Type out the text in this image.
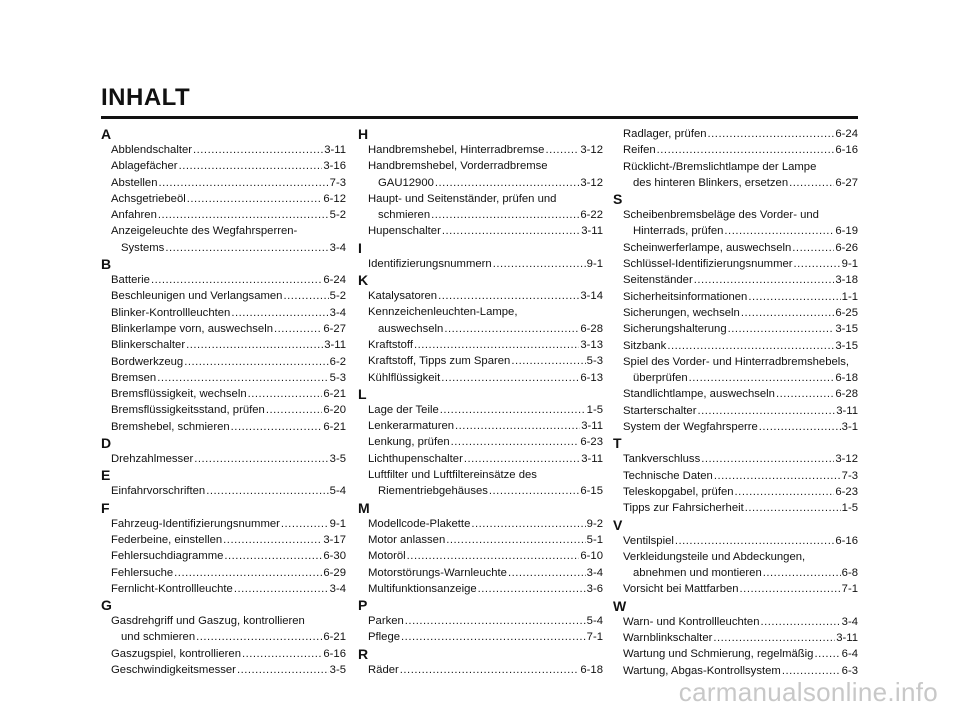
INHALT
A
Abblendschalter .....	3-11
Ablagefächer .....	3-16
Abstellen .....	7-3
Achsgetriebeöl .....	6-12
Anfahren .....	5-2
Anzeigeleuchte des Wegfahrsperren-
Systems .....	3-4
B
Batterie .....	6-24
Beschleunigen und Verlangsamen .....	5-2
Blinker-Kontrollleuchten .....	3-4
Blinkerlampe vorn, auswechseln .....	6-27
Blinkerschalter .....	3-11
Bordwerkzeug .....	6-2
Bremsen .....	5-3
Bremsflüssigkeit, wechseln .....	6-21
Bremsflüssigkeitsstand, prüfen .....	6-20
Bremshebel, schmieren .....	6-21
D
Drehzahlmesser .....	3-5
E
Einfahrvorschriften .....	5-4
F
Fahrzeug-Identifizierungsnummer .....	9-1
Federbeine, einstellen .....	3-17
Fehlersuchdiagramme .....	6-30
Fehlersuche .....	6-29
Fernlicht-Kontrollleuchte .....	3-4
G
Gasdrehgriff und Gaszug, kontrollieren
und schmieren .....	6-21
Gaszugspiel, kontrollieren .....	6-16
Geschwindigkeitsmesser .....	3-5
H
Handbremshebel, Hinterradbremse .....	3-12
Handbremshebel, Vorderradbremse
GAU12900 .....	3-12
Haupt- und Seitenständer, prüfen und
schmieren .....	6-22
Hupenschalter .....	3-11
I
Identifizierungsnummern .....	9-1
K
Katalysatoren .....	3-14
Kennzeichenleuchten-Lampe,
auswechseln .....	6-28
Kraftstoff .....	3-13
Kraftstoff, Tipps zum Sparen .....	5-3
Kühlflüssigkeit .....	6-13
L
Lage der Teile .....	1-5
Lenkerarmaturen .....	3-11
Lenkung, prüfen .....	6-23
Lichthupenschalter .....	3-11
Luftfilter und Luftfiltereinsätze des
Riementriebgehäuses .....	6-15
M
Modellcode-Plakette .....	9-2
Motor anlassen .....	5-1
Motoröl .....	6-10
Motorstörungs-Warnleuchte .....	3-4
Multifunktionsanzeige .....	3-6
P
Parken .....	5-4
Pflege .....	7-1
R
Räder .....	6-18
Radlager, prüfen .....	6-24
Reifen .....	6-16
Rücklicht-/Bremslichtlampe der Lampe
des hinteren Blinkers, ersetzen .....	6-27
S
Scheibenbremsbeläge des Vorder- und
Hinterrads, prüfen .....	6-19
Scheinwerferlampe, auswechseln .....	6-26
Schlüssel-Identifizierungsnummer .....	9-1
Seitenständer .....	3-18
Sicherheitsinformationen .....	1-1
Sicherungen, wechseln .....	6-25
Sicherungshalterung .....	3-15
Sitzbank .....	3-15
Spiel des Vorder- und Hinterradbremshebels,
überprüfen .....	6-18
Standlichtlampe, auswechseln .....	6-28
Starterschalter .....	3-11
System der Wegfahrsperre .....	3-1
T
Tankverschluss .....	3-12
Technische Daten .....	7-3
Teleskopgabel, prüfen .....	6-23
Tipps zur Fahrsicherheit .....	1-5
V
Ventilspiel .....	6-16
Verkleidungsteile und Abdeckungen,
abnehmen und montieren .....	6-8
Vorsicht bei Mattfarben .....	7-1
W
Warn- und Kontrollleuchten .....	3-4
Warnblinkschalter .....	3-11
Wartung und Schmierung, regelmäßig ..... 6-4
Wartung, Abgas-Kontrollsystem .....	6-3
carmanualsonline.info
